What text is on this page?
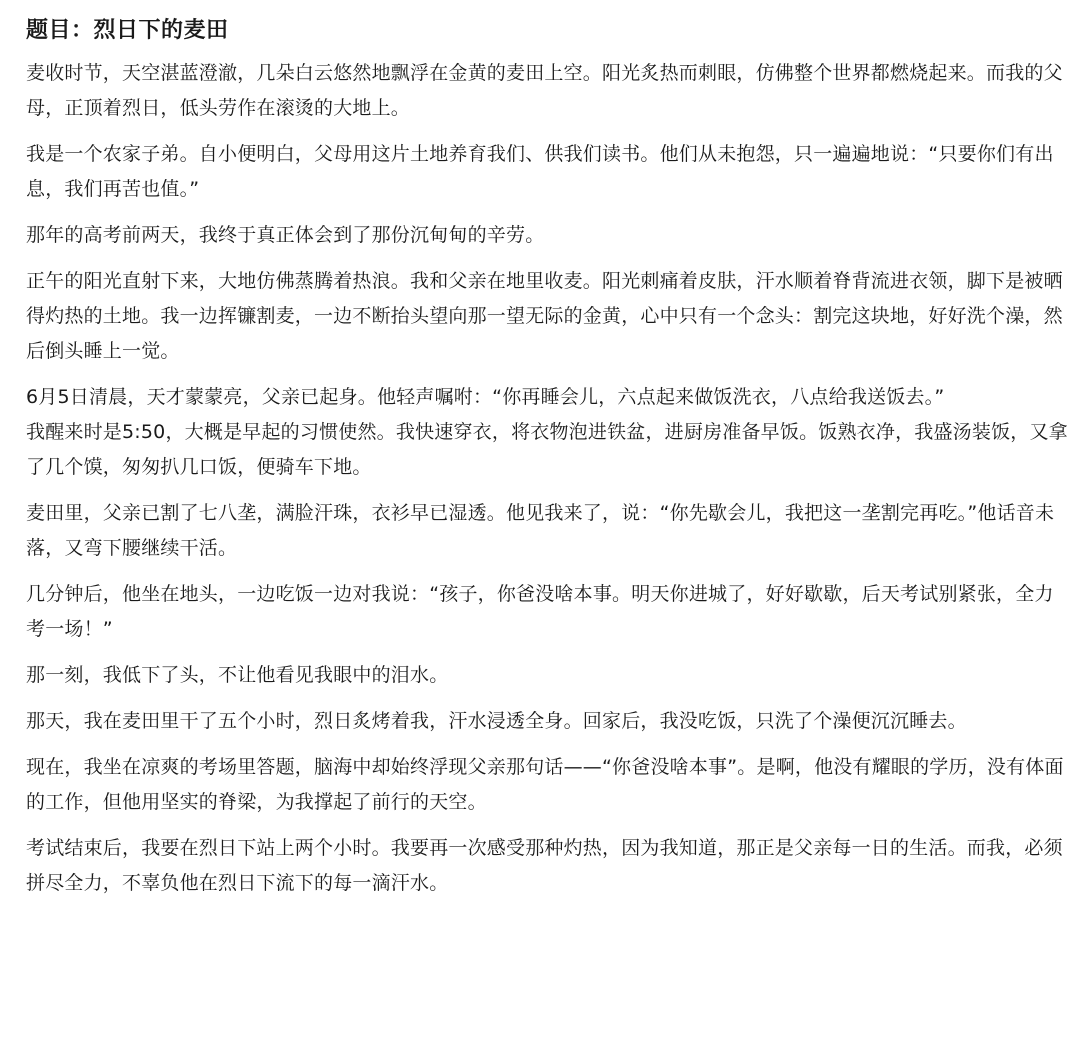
题目：烈日下的麦田

麦收时节，天空湛蓝澄澈，几朵白云悠然地飘浮在金黄的麦田上空。阳光炙热而刺眼，仿佛整个世界都燃烧起来。而我的父母，正顶着烈日，低头劳作在滚烫的大地上。

我是一个农家子弟。自小便明白，父母用这片土地养育我们、供我们读书。他们从未抱怨，只一遍遍地说：“只要你们有出息，我们再苦也值。”

那年的高考前两天，我终于真正体会到了那份沉甸甸的辛劳。

正午的阳光直射下来，大地仿佛蒸腾着热浪。我和父亲在地里收麦。阳光刺痛着皮肤，汗水顺着脊背流进衣领，脚下是被晒得灼热的土地。我一边挥镰割麦，一边不断抬头望向那一望无际的金黄，心中只有一个念头：割完这块地，好好洗个澡，然后倒头睡上一觉。

6月5日清晨，天才蒙蒙亮，父亲已起身。他轻声嘱咐：“你再睡会儿，六点起来做饭洗衣，八点给我送饭去。”

我醒来时是5:50，大概是早起的习惯使然。我快速穿衣，将衣物泡进铁盆，进厨房准备早饭。饭熟衣净，我盛汤装饭，又拿了几个馍，匆匆扒几口饭，便骑车下地。

麦田里，父亲已割了七八垄，满脸汗珠，衣衫早已湿透。他见我来了，说：“你先歇会儿，我把这一垄割完再吃。”他话音未落，又弯下腰继续干活。

几分钟后，他坐在地头，一边吃饭一边对我说：“孩子，你爸没啥本事。明天你进城了，好好歇歇，后天考试别紧张，全力考一场！”

那一刻，我低下了头，不让他看见我眼中的泪水。

那天，我在麦田里干了五个小时，烈日炙烤着我，汗水浸透全身。回家后，我没吃饭，只洗了个澡便沉沉睡去。

现在，我坐在凉爽的考场里答题，脑海中却始终浮现父亲那句话——“你爸没啥本事”。是啊，他没有耀眼的学历，没有体面的工作，但他用坚实的脊梁，为我撑起了前行的天空。

考试结束后，我要在烈日下站上两个小时。我要再一次感受那种灼热，因为我知道，那正是父亲每一日的生活。而我，必须拼尽全力，不辜负他在烈日下流下的每一滴汗水。
